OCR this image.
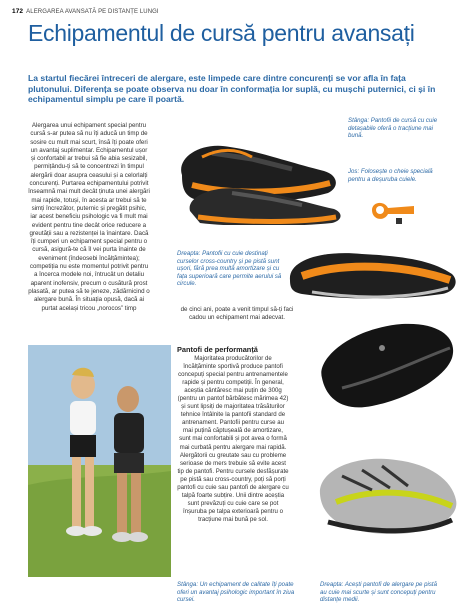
172 ALERGAREA AVANSATĂ PE DISTANȚE LUNGI
Echipamentul de cursă pentru avansați
La startul fiecărei întreceri de alergare, este limpede care dintre concurenți se vor afla în fața plutonului. Diferența se poate observa nu doar în conformația lor suplă, cu mușchi puternici, ci și în echipamentul simplu pe care îl poartă.
Alergarea unui echipament special pentru cursă s-ar putea să nu îți aducă un timp de sosire cu mult mai scurt, însă îți poate oferi un avantaj suplimentar. Echipamentul ușor și confortabil ar trebui să fie abia sesizabil, permițându-ți să te concentrezi în timpul alergării doar asupra ceasului și a celorlalți concurenți. Purtarea echipamentului potrivit înseamnă mai mult decât ținuta unei alergări mai rapide, totuși, în acesta ar trebui să te simți încrezător, puternic și pregătit psihic, iar acest beneficiu psihologic va fi mult mai evident pentru tine decât orice reducere a greutății sau a rezistenței la înaintare. Dacă îți cumperi un echipament special pentru o cursă, asigură-te că îl vei purta înainte de eveniment (îndeosebi încălțămintea); competiția nu este momentul potrivit pentru a încerca modele noi, întrucât un detaliu aparent inofensiv, precum o cusătură prost plasată, ar putea să te jeneze, zădărnicind o alergare bună. În situația opusă, dacă ai purtat același tricou „norocos” timp
Stânga: Pantofii de cursă cu cuie detașabile oferă o tracțiune mai bună.
Jos: Folosește o cheie specială pentru a deșuruba cuiele.
Dreapta: Pantofii cu cuie destinați curselor cross-country și pe pistă sunt ușori, fără prea multă amortizare și cu fața superioară care permite aerului să circule.
de cinci ani, poate a venit timpul să-ți faci cadou un echipament mai adecvat.
Pantofi de performanță
Majoritatea producătorilor de încălțăminte sportivă produce pantofi concepuți special pentru antrenamentele rapide și pentru competiții. În general, aceștia cântăresc mai puțin de 300g (pentru un pantof bărbătesc mărimea 42) și sunt lipsiți de majoritatea trăsăturilor tehnice întâlnite la pantofii standard de antrenament. Pantofii pentru curse au mai puțină căptușeală de amortizare, sunt mai confortabili și pot avea o formă mai curbată pentru alergare mai rapidă. Alergătorii cu greutate sau cu probleme serioase de mers trebuie să evite acest tip de pantofi. Pentru cursele desfășurate pe pistă sau cross-country, poți să porți pantofi cu cuie sau pantofi de alergare cu talpă foarte subțire. Unii dintre aceștia sunt prevăzuți cu cuie care se pot înșuruba pe talpa exterioară pentru o tracțiune mai bună pe sol.
Stânga: Un echipament de calitate îți poate oferi un avantaj psihologic important în ziua cursei.
Dreapta: Acești pantofi de alergare pe pistă au cuie mai scurte și sunt concepuți pentru distanțe medii.
